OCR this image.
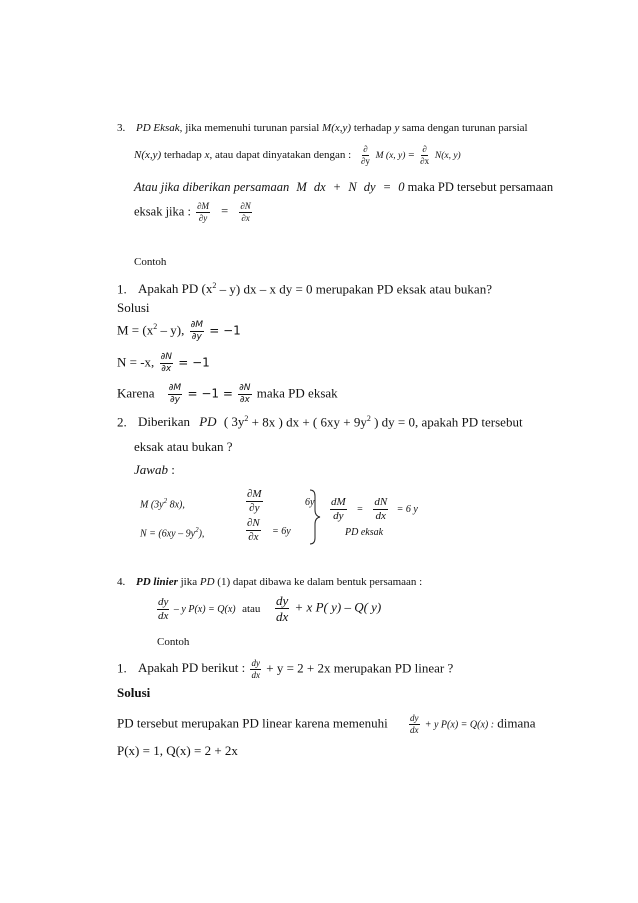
3. PD Eksak, jika memenuhi turunan parsial M(x,y) terhadap y sama dengan turunan parsial
N(x,y) terhadap x, atau dapat dinyatakan dengan : $\frac{\partial}{\partial y}$ M (x, $y) = \frac{\partial}{\partial x} N(x$, y)
Atau jika diberikan persamaan M dx + N dy = 0 maka PD tersebut persamaan
eksak jika : $\frac{\partial M}{\partial y} = \frac{\partial N}{\partial x}$
Contoh
1. Apakah PD $(x^2 - y)$ dx – x dy = 0 merupakan PD eksak atau bukan?
Solusi
$M = (x^2 - y)$, $\frac{\partial M}{\partial y} = -1$
N = -x, $\frac{\partial N}{\partial x} = -1$
Karena $\frac{\partial M}{\partial y} = -1 = \frac{\partial N}{\partial x}$ maka PD eksak
2. Diberikan PD ( $3y^2 + 8x$ ) dx + ( $6xy + 9y^2$ ) dy = 0, apakah PD tersebut
eksak atau bukan ?
Jawab :
M ($3y^2$ 8x),	$\frac{\partial M}{\partial y}$	6y
$N = (6xy - 9y^2)$,	$\frac{\partial N}{\partial x} = 6y$
$\frac{dM}{dy} = \frac{dN}{dx} = 6$ y
PD eksak
4. PD linier jika PD (1) dapat dibawa ke dalam bentuk persamaan :
$\frac{dy}{dx}$ – y P(x) = Q(x) atau $\frac{dy}{dx} + x$ P( y) – Q( y)
Contoh
1. Apakah PD berikut : $\frac{dy}{dx} + y = 2 + 2x$ merupakan PD linear ?
Solusi
PD tersebut merupakan PD linear karena memenuhi $\frac{dy}{dx} + y$ P(x) = Q(x) : dimana
P(x) = 1, Q(x) = 2 + 2x
